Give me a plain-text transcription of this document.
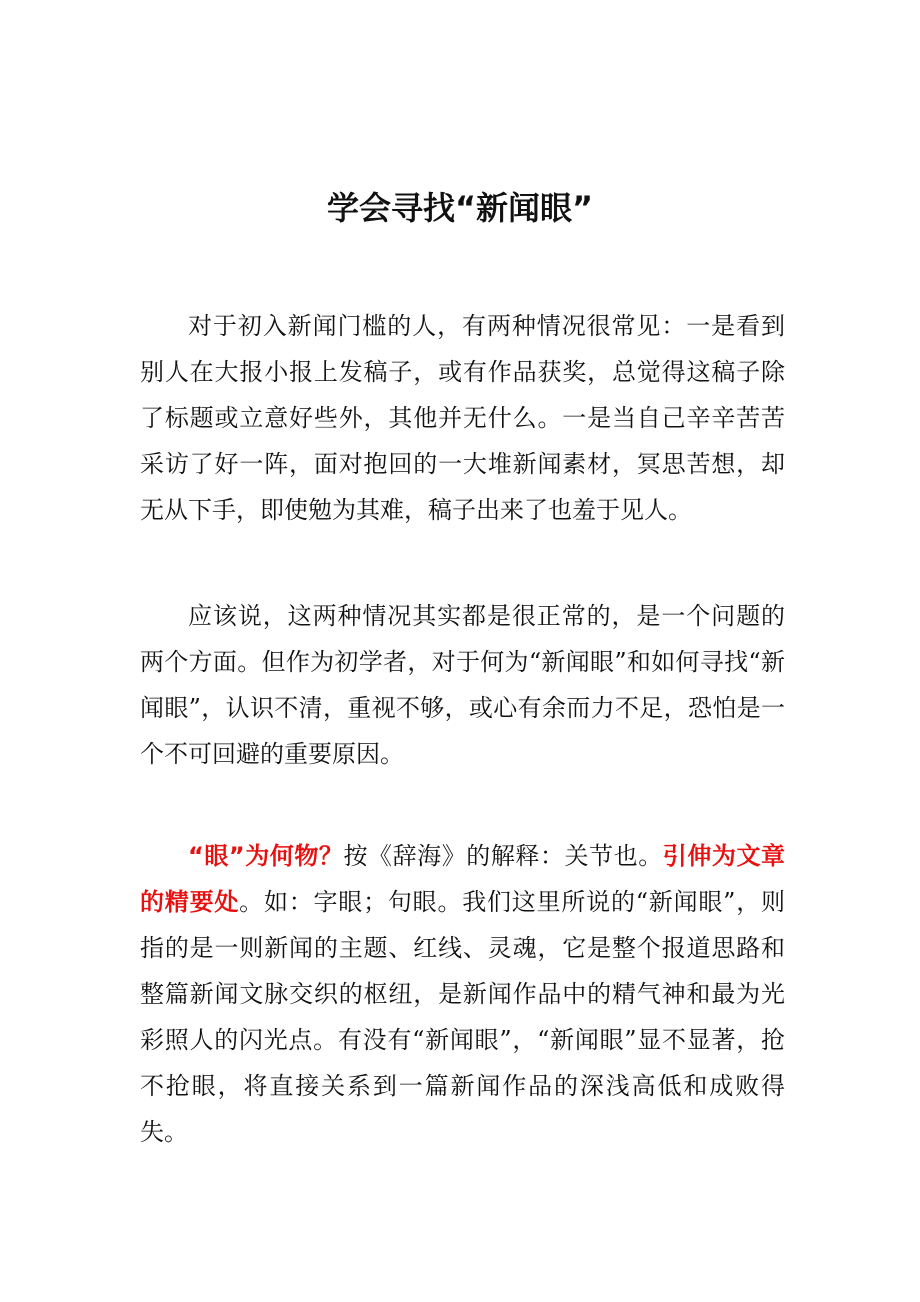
学会寻找“新闻眼”

对于初入新闻门槛的人，有两种情况很常见：一是看到别人在大报小报上发稿子，或有作品获奖，总觉得这稿子除了标题或立意好些外，其他并无什么。一是当自己辛辛苦苦采访了好一阵，面对抱回的一大堆新闻素材，冥思苦想，却无从下手，即使勉为其难，稿子出来了也羞于见人。

应该说，这两种情况其实都是很正常的，是一个问题的两个方面。但作为初学者，对于何为“新闻眼”和如何寻找“新闻眼”，认识不清，重视不够，或心有余而力不足，恐怕是一个不可回避的重要原因。

“眼”为何物？按《辞海》的解释：关节也。引伸为文章的精要处。如：字眼；句眼。我们这里所说的“新闻眼”，则指的是一则新闻的主题、红线、灵魂，它是整个报道思路和整篇新闻文脉交织的枢纽，是新闻作品中的精气神和最为光彩照人的闪光点。有没有“新闻眼”，“新闻眼”显不显著，抢不抢眼，将直接关系到一篇新闻作品的深浅高低和成败得失。
